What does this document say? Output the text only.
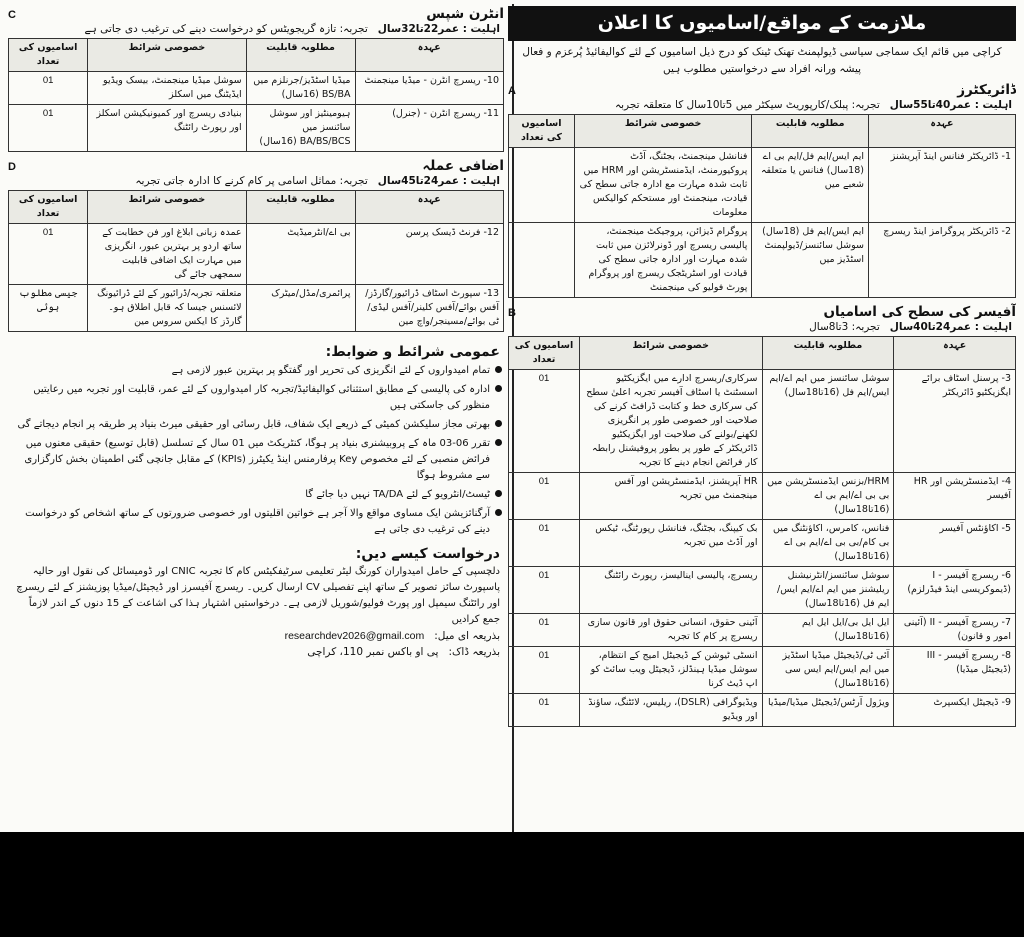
ملازمت کے مواقع/اسامیوں کا اعلان
کراچی میں قائم ایک سماجی سیاسی ڈیولپمنٹ تھنک ٹینک کو درج ذیل اسامیوں کے لئے کوالیفائیڈ پُرعزم و فعال پیشہ ورانہ افراد سے درخواستیں مطلوب ہیں
ڈائریکٹرز
A
اہلیت : عمر40تا55سال   تجربہ: پبلک/کارپوریٹ سیکٹر میں 5تا10سال کا متعلقہ تجربہ
عہدہ	مطلوبہ قابلیت	خصوصی شرائط	اسامیوں کی تعداد
1- ڈائریکٹر فنانس اینڈ آپریشنز	ایم ایس/ایم فل/ایم بی اے (18سال) فنانس یا متعلقہ شعبے میں	فنانشل مینجمنٹ، بجٹنگ، آڈٹ پروکیورمنٹ، ایڈمنسٹریشن اور HRM میں ثابت شدہ مہارت مع ادارہ جاتی سطح کی قیادت، مینجمنٹ اور مستحکم کوالیکس معلومات	
2- ڈائریکٹر پروگرامز اینڈ ریسرچ	ایم ایس/ایم فل (18سال) سوشل سائنسز/ڈیولپمنٹ اسٹڈیز میں	پروگرام ڈیزائن، پروجیکٹ مینجمنٹ، پالیسی ریسرچ اور ڈونرلائزن میں ثابت شدہ مہارت اور ادارہ جاتی سطح کی قیادت اور اسٹریٹجک ریسرچ اور پروگرام پورٹ فولیو کی مینجمنٹ	
آفیسر کی سطح کی اسامیاں
B
اہلیت : عمر24تا40سال   تجربہ: 3تا8سال
عہدہ	مطلوبہ قابلیت	خصوصی شرائط	اسامیوں کی تعداد
3- پرسنل اسٹاف برائے ایگزیکٹیو ڈائریکٹر	سوشل سائنسز میں ایم اے/ایم ایس/ایم فل (16تا18سال)	سرکاری/ریسرچ ادارے میں ایگزیکٹیو اسسٹنٹ یا اسٹاف آفیسر تجربہ اعلیٰ سطح کی سرکاری خط و کتابت ڈرافٹ کرنے کی صلاحیت اور خصوصی طور پر انگریزی لکھنے/بولنے کی صلاحیت اور ایگزیکٹیو ڈائریکٹر کے طور پر بطور پروفیشنل رابطہ کار فرائض انجام دینے کا تجربہ	01
4- ایڈمنسٹریشن اور HR آفیسر	HRM/بزنس ایڈمنسٹریشن میں بی بی اے/ایم بی اے (16تا18سال)	HR آپریشنز، ایڈمنسٹریشن اور آفس مینجمنٹ میں تجربہ	01
5- اکاؤنٹس آفیسر	فنانس، کامرس، اکاؤنٹنگ میں بی کام/بی بی اے/ایم بی اے (16تا18سال)	بک کیپنگ، بجٹنگ، فنانشل رپورٹنگ، ٹیکس اور آڈٹ میں تجربہ	01
6- ریسرچ آفیسر - I (ڈیموکریسی اینڈ فیڈرلزم)	سوشل سائنسز/انٹرنیشنل ریلیشنز میں ایم اے/ایم ایس/ایم فل (16تا18سال)	ریسرچ، پالیسی اینالیسز، رپورٹ رائٹنگ	01
7- ریسرچ آفیسر - II (آئینی امور و قانون)	ایل ایل بی/ایل ایل ایم (16تا18سال)	آئینی حقوق، انسانی حقوق اور قانون سازی ریسرچ پر کام کا تجربہ	01
8- ریسرچ آفیسر - III (ڈیجیٹل میڈیا)	آئی ٹی/ڈیجیٹل میڈیا اسٹڈیز میں ایم ایس/ایم ایس سی (16تا18سال)	انسٹی ٹیوشن کے ڈیجیٹل امیج کے انتظام، سوشل میڈیا ہینڈلز، ڈیجیٹل ویب سائٹ کو اپ ڈیٹ کرنا	01
9- ڈیجیٹل ایکسپرٹ	ویژول آرٹس/ڈیجیٹل میڈیا/میڈیا	ویڈیوگرافی (DSLR)، ریلیس، لائٹنگ، ساؤنڈ اور ویڈیو	01
انٹرن شپس
C
اہلیت : عمر22تا32سال   تجربہ: تازہ گریجویٹس کو درخواست دینے کی ترغیب دی جاتی ہے
عہدہ	مطلوبہ قابلیت	خصوصی شرائط	اسامیوں کی تعداد
10- ریسرچ انٹرن - میڈیا مینجمنٹ	میڈیا اسٹڈیز/جرنلزم میں BS/BA (16سال)	سوشل میڈیا مینجمنٹ، بیسک ویڈیو ایڈیٹنگ میں اسکلز	01
11- ریسرچ انٹرن - (جنرل)	ہیومینٹیز اور سوشل سائنسز میں BA/BS/BCS (16سال)	بنیادی ریسرچ اور کمیونیکیشن اسکلز اور رپورٹ رائٹنگ	01
اضافی عملہ
D
اہلیت : عمر24تا45سال   تجربہ: مماثل اسامی پر کام کرنے کا ادارہ جاتی تجربہ
عہدہ	مطلوبہ قابلیت	خصوصی شرائط	اسامیوں کی تعداد
12- فرنٹ ڈیسک پرسن	بی اے/انٹرمیڈیٹ	عمدہ زبانی ابلاغ اور فن خطابت کے ساتھ اردو پر بہترین عبور، انگریزی میں مہارت ایک اضافی قابلیت سمجھی جائے گی	01
13- سپورٹ اسٹاف ڈرائیور/گارڈز/آفس بوائے/آفس کلینر/آفس لیڈی/ٹی بوائے/مسینجر/واچ مین	پرائمری/مڈل/میٹرک	متعلقہ تجربہ/ڈرائیور کے لئے ڈرائیونگ لائسنس جیسا کہ قابل اطلاق ہو۔ گارڈز کا ایکس سروس مین	جیسی مطلوب ہوئی
عمومی شرائط و ضوابط:
تمام امیدواروں کے لئے انگریزی کی تحریر اور گفتگو پر بہترین عبور لازمی ہے
ادارہ کی پالیسی کے مطابق استثنائی کوالیفائیڈ/تجربہ کار امیدواروں کے لئے عمر، قابلیت اور تجربہ میں رعایتیں منظور کی جاسکتی ہیں
بھرتی مجاز سلیکشن کمیٹی کے ذریعے ایک شفاف، قابل رسائی اور حقیقی میرٹ بنیاد پر طریقہ پر انجام دیجاتے گی
تقرر 06-03 ماہ کے پروبیشنری بنیاد پر ہوگا، کنٹریکٹ میں 01 سال کے تسلسل (قابل توسیع) حقیقی معنوں میں فرائض منصبی کے لئے مخصوص Key پرفارمنس اینڈ یکیٹرز (KPIs) کے مقابل جانچی گئی اطمینان بخش کارگزاری سے مشروط ہوگا
ٹیسٹ/انٹرویو کے لئے TA/DA نہیں دیا جائے گا
آرگنائزیشن ایک مساوی مواقع والا آجر ہے خواتین اقلیتوں اور خصوصی ضرورتوں کے ساتھ اشخاص کو درخواست دینے کی ترغیب دی جاتی ہے
درخواست کیسے دیں:
دلچسپی کے حامل امیدواران کورنگ لیٹر تعلیمی سرٹیفکیٹس کام کا تجربہ CNIC اور ڈومیسائل کی نقول اور حالیہ پاسپورٹ سائز تصویر کے ساتھ اپنے تفصیلی CV ارسال کریں۔ ریسرچ آفیسرز اور ڈیجیٹل/میڈیا پوزیشنز کے لئے ریسرچ اور رائٹنگ سیمپل اور پورٹ فولیو/شوریل لازمی ہے۔ درخواستیں اشتہار ہذا کی اشاعت کے 15 دنوں کے اندر لازماً جمع کرادیں
بذریعہ ای میل:
researchdev2026@gmail.com
بذریعہ ڈاک:
پی او باکس نمبر 110، کراچی
